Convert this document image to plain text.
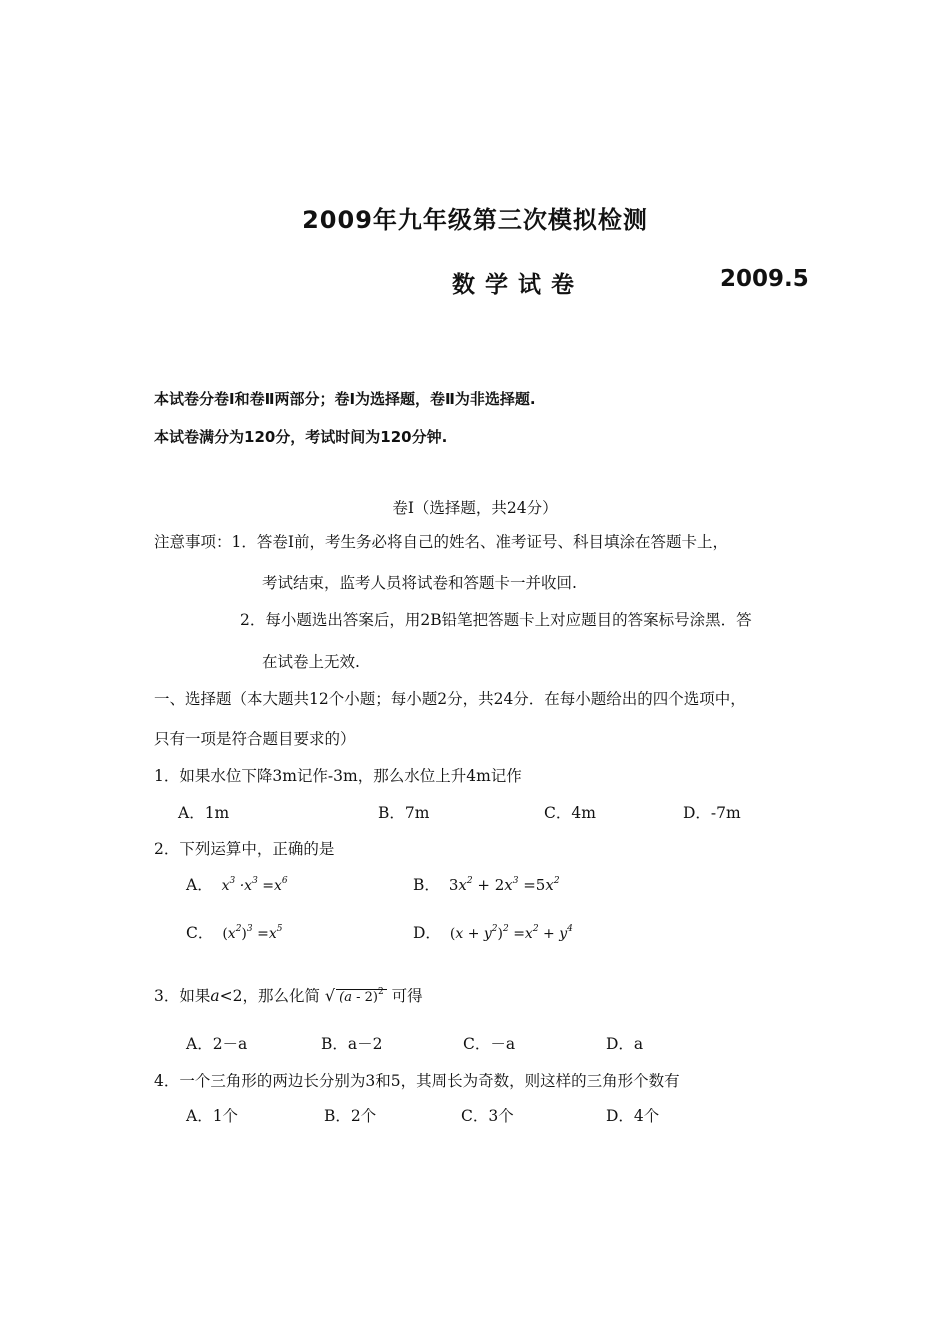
2009年九年级第三次模拟检测
数学试卷	2009.5
本试卷分卷Ⅰ和卷Ⅱ两部分；卷Ⅰ为选择题，卷Ⅱ为非选择题.
本试卷满分为120分，考试时间为120分钟.
卷Ⅰ（选择题，共24分）
注意事项：1．答卷Ⅰ前，考生务必将自己的姓名、准考证号、科目填涂在答题卡上，
考试结束，监考人员将试卷和答题卡一并收回.
2．每小题选出答案后，用2B铅笔把答题卡上对应题目的答案标号涂黑．答
在试卷上无效.
一、选择题（本大题共12个小题；每小题2分，共24分．在每小题给出的四个选项中，
只有一项是符合题目要求的）
1．如果水位下降3m记作-3m，那么水位上升4m记作
A．1m	B．7m	C．4m	D．-7m
2．下列运算中，正确的是
A． $x^3 \cdot x^3 =x^6$	B． $3x^2 + 2x^3 =5x^2$
C． $(x^2)^3 =x^5$	D． $(x + y^2)^2 =x^2 + y^4$
3．如果a<2，那么化简 √ (a - 2)$^2$ 可得
A．2－a	B．a－2	C．－a	D．a
4．一个三角形的两边长分别为3和5，其周长为奇数，则这样的三角形个数有
A．1个	B．2个	C．3个	D．4个
